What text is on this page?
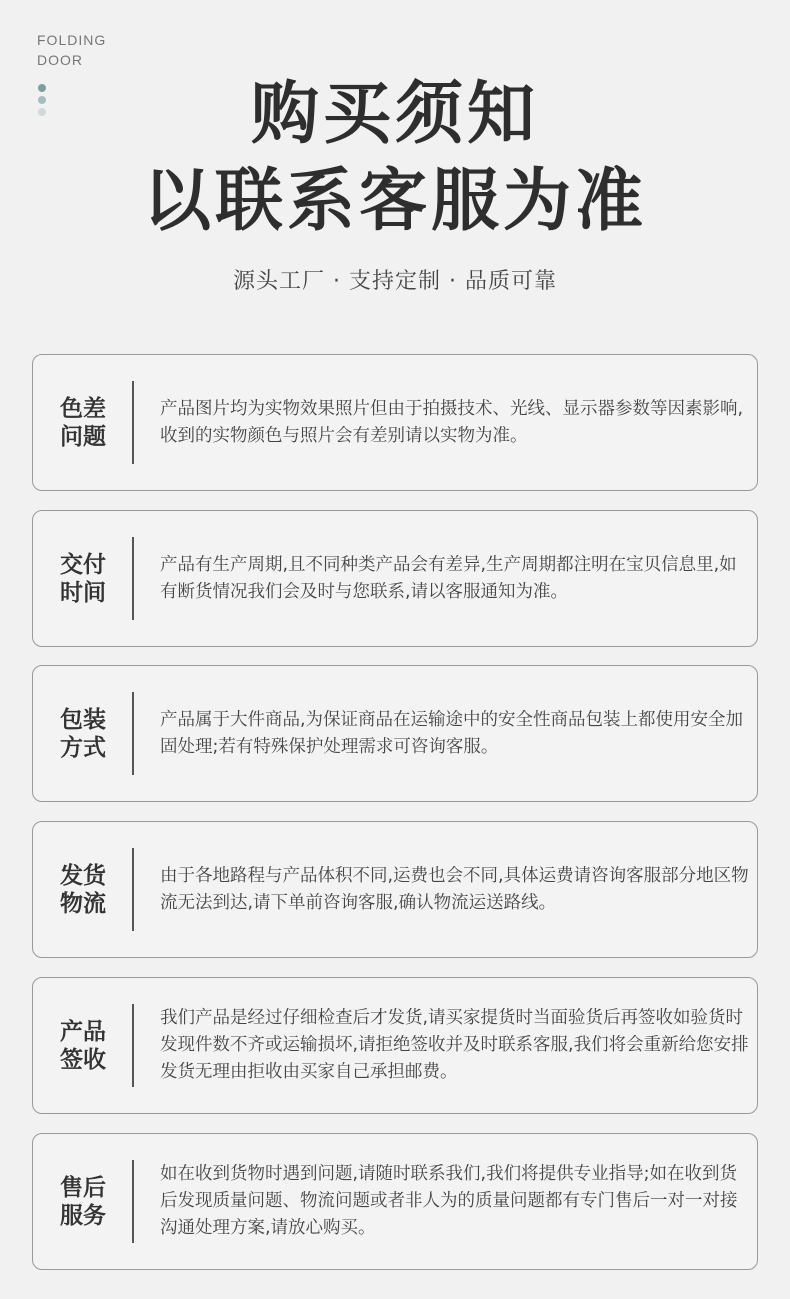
FOLDING
DOOR
购买须知
以联系客服为准
源头工厂 · 支持定制 · 品质可靠
色差
问题
产品图片均为实物效果照片但由于拍摄技术、光线、显示器参数等因素影响,收到的实物颜色与照片会有差别请以实物为准。
交付
时间
产品有生产周期,且不同种类产品会有差异,生产周期都注明在宝贝信息里,如有断货情况我们会及时与您联系,请以客服通知为准。
包装
方式
产品属于大件商品,为保证商品在运输途中的安全性商品包装上都使用安全加固处理;若有特殊保护处理需求可咨询客服。
发货
物流
由于各地路程与产品体积不同,运费也会不同,具体运费请咨询客服部分地区物流无法到达,请下单前咨询客服,确认物流运送路线。
产品
签收
我们产品是经过仔细检查后才发货,请买家提货时当面验货后再签收如验货时发现件数不齐或运输损坏,请拒绝签收并及时联系客服,我们将会重新给您安排发货无理由拒收由买家自己承担邮费。
售后
服务
如在收到货物时遇到问题,请随时联系我们,我们将提供专业指导;如在收到货后发现质量问题、物流问题或者非人为的质量问题都有专门售后一对一对接沟通处理方案,请放心购买。
